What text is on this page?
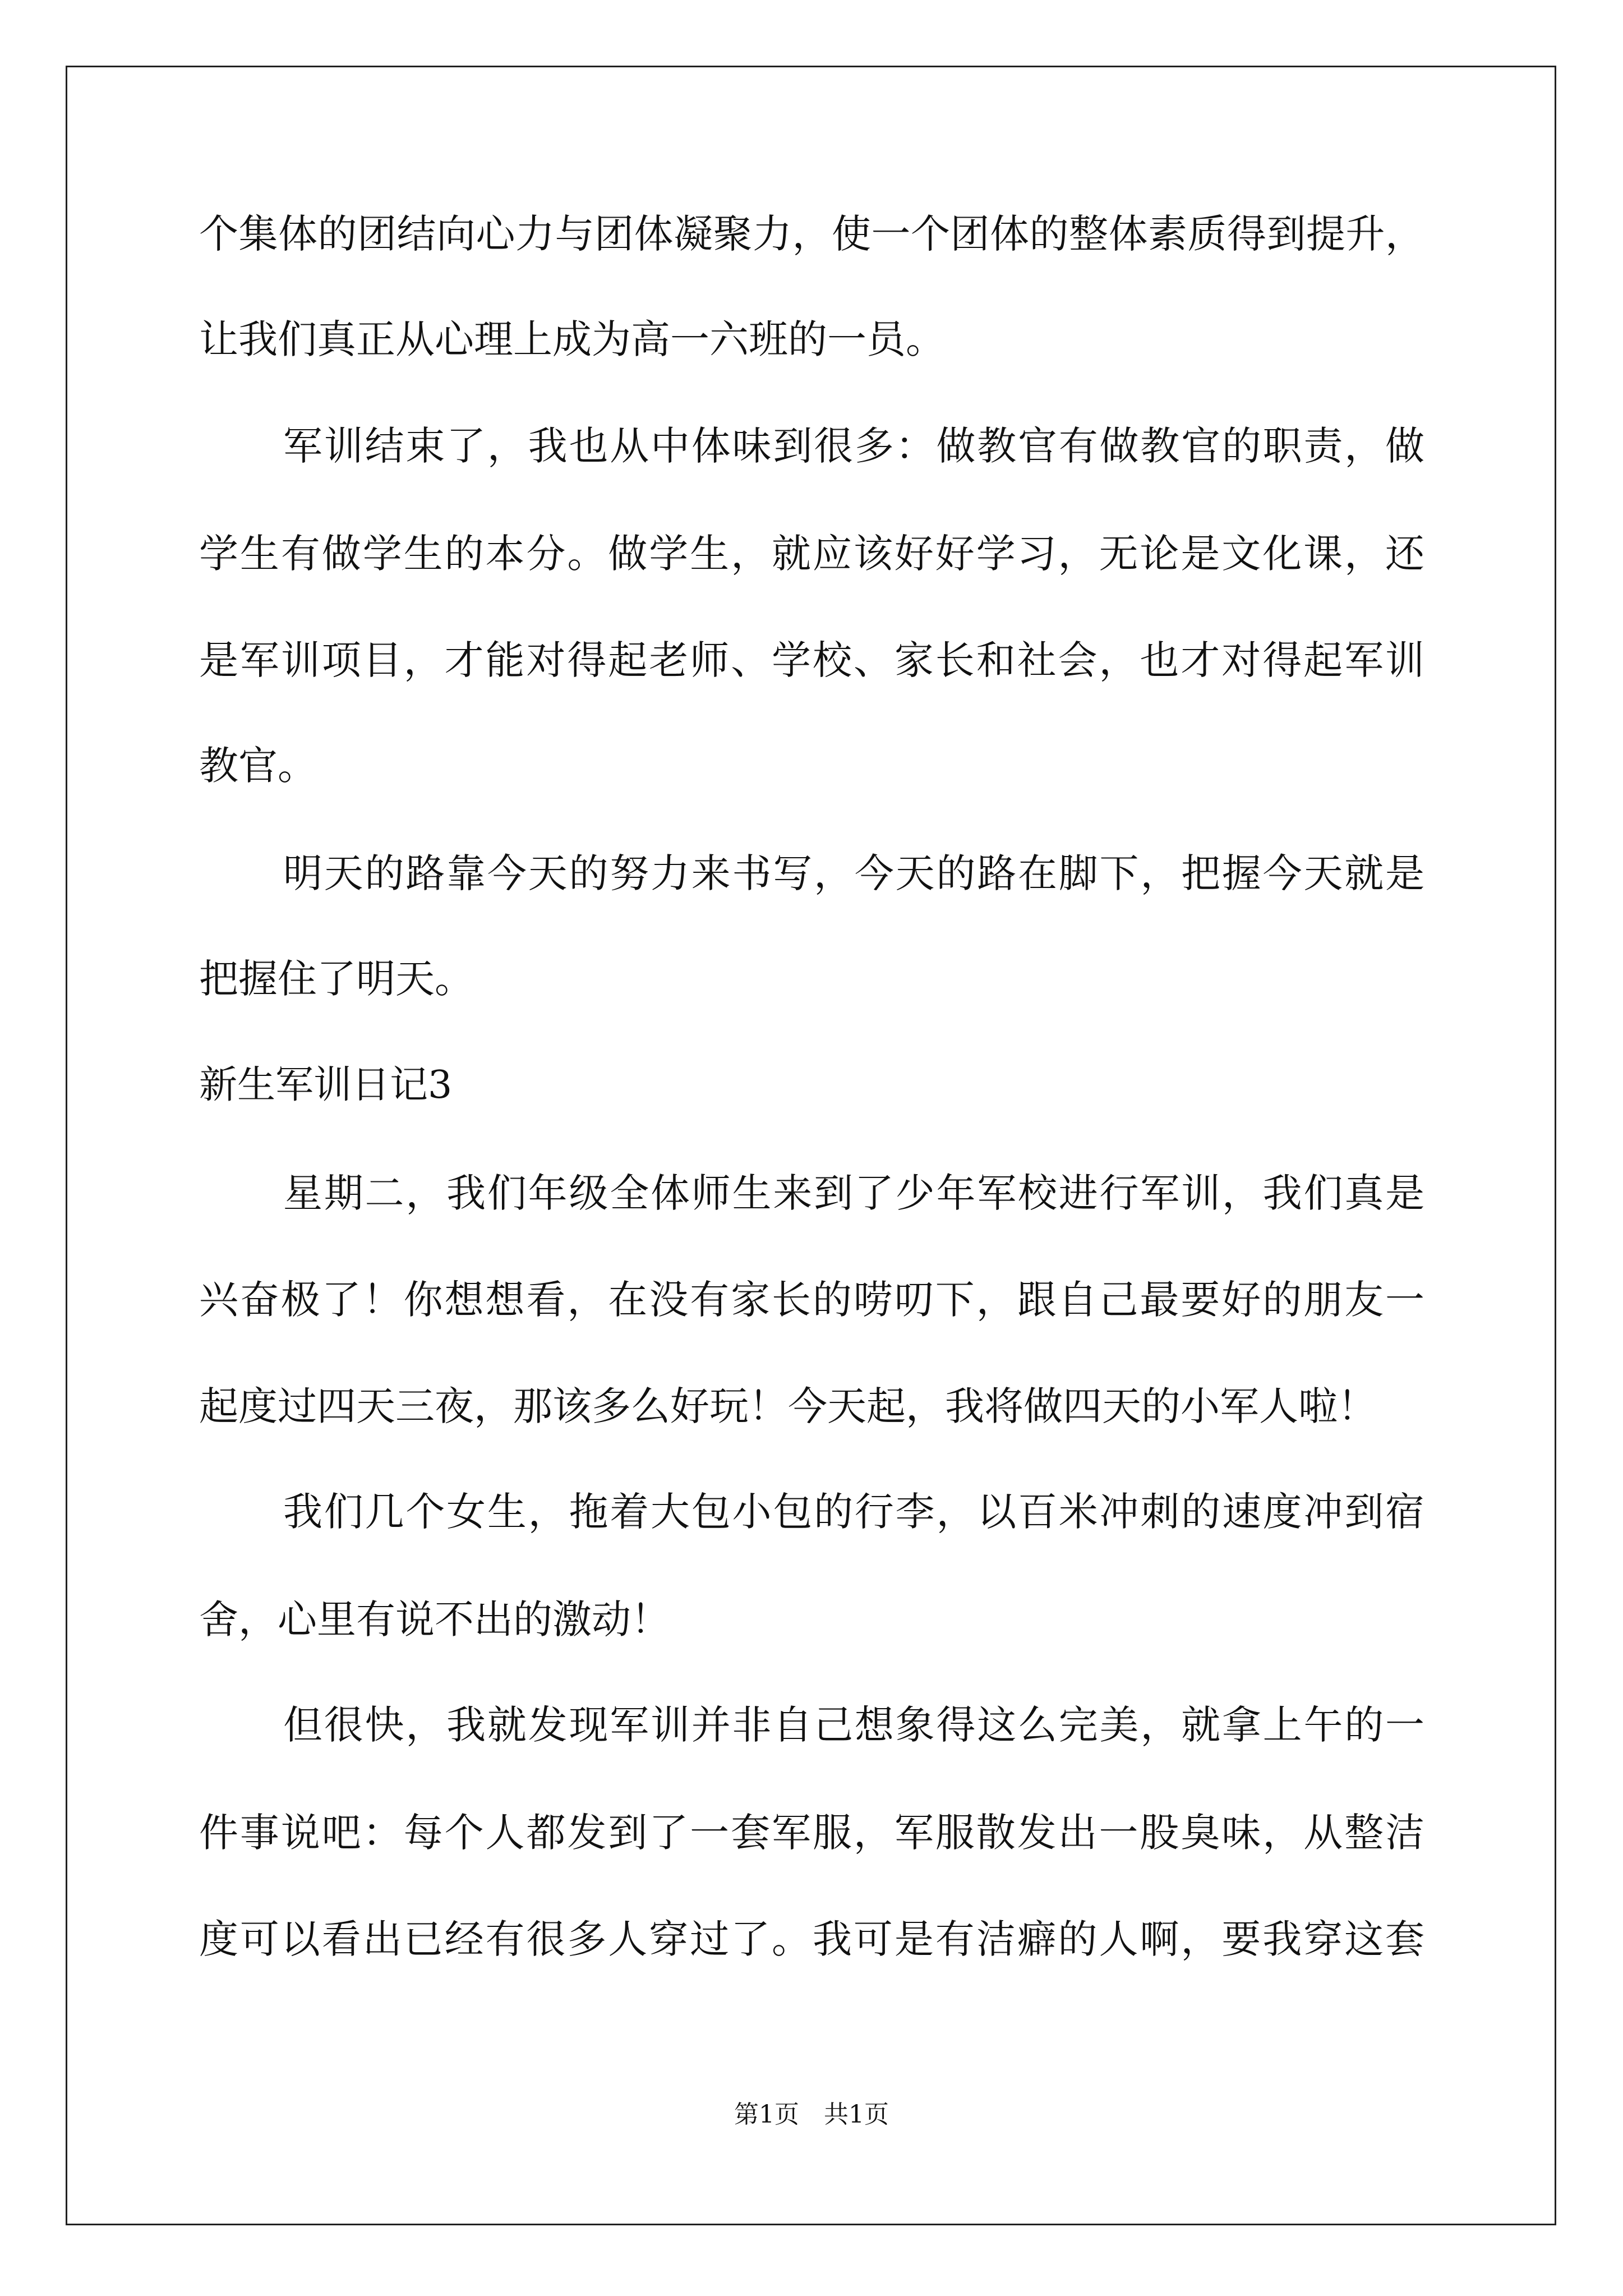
个集体的团结向心力与团体凝聚力，使一个团体的整体素质得到提升，
让我们真正从心理上成为高一六班的一员。
军训结束了，我也从中体味到很多：做教官有做教官的职责，做
学生有做学生的本分。做学生，就应该好好学习，无论是文化课，还
是军训项目，才能对得起老师、学校、家长和社会，也才对得起军训
教官。
明天的路靠今天的努力来书写，今天的路在脚下，把握今天就是
把握住了明天。
新生军训日记3
星期二，我们年级全体师生来到了少年军校进行军训，我们真是
兴奋极了！你想想看，在没有家长的唠叨下，跟自己最要好的朋友一
起度过四天三夜，那该多么好玩！今天起，我将做四天的小军人啦！
我们几个女生，拖着大包小包的行李，以百米冲刺的速度冲到宿
舍，心里有说不出的激动！
但很快，我就发现军训并非自己想象得这么完美，就拿上午的一
件事说吧：每个人都发到了一套军服，军服散发出一股臭味，从整洁
度可以看出已经有很多人穿过了。我可是有洁癖的人啊，要我穿这套
第1页　共1页
